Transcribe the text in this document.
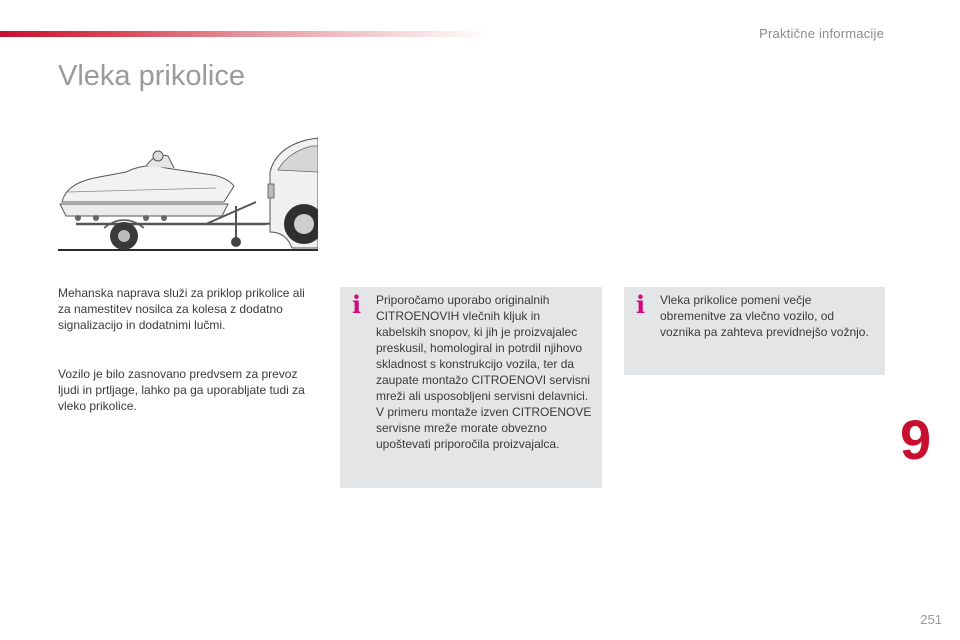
Praktične informacije
Vleka prikolice

Mehanska naprava služi za priklop prikolice ali za namestitev nosilca za kolesa z dodatno signalizacijo in dodatnimi lučmi.

Vozilo je bilo zasnovano predvsem za prevoz ljudi in prtljage, lahko pa ga uporabljate tudi za vleko prikolice.

i Priporočamo uporabo originalnih CITROENOVIH vlečnih kljuk in kabelskih snopov, ki jih je proizvajalec preskusil, homologiral in potrdil njihovo skladnost s konstrukcijo vozila, ter da zaupate montažo CITROENOVI servisni mreži ali usposobljeni servisni delavnici.
V primeru montaže izven CITROENOVE servisne mreže morate obvezno upoštevati priporočila proizvajalca.

i Vleka prikolice pomeni večje obremenitve za vlečno vozilo, od voznika pa zahteva previdnejšo vožnjo.

9
251
